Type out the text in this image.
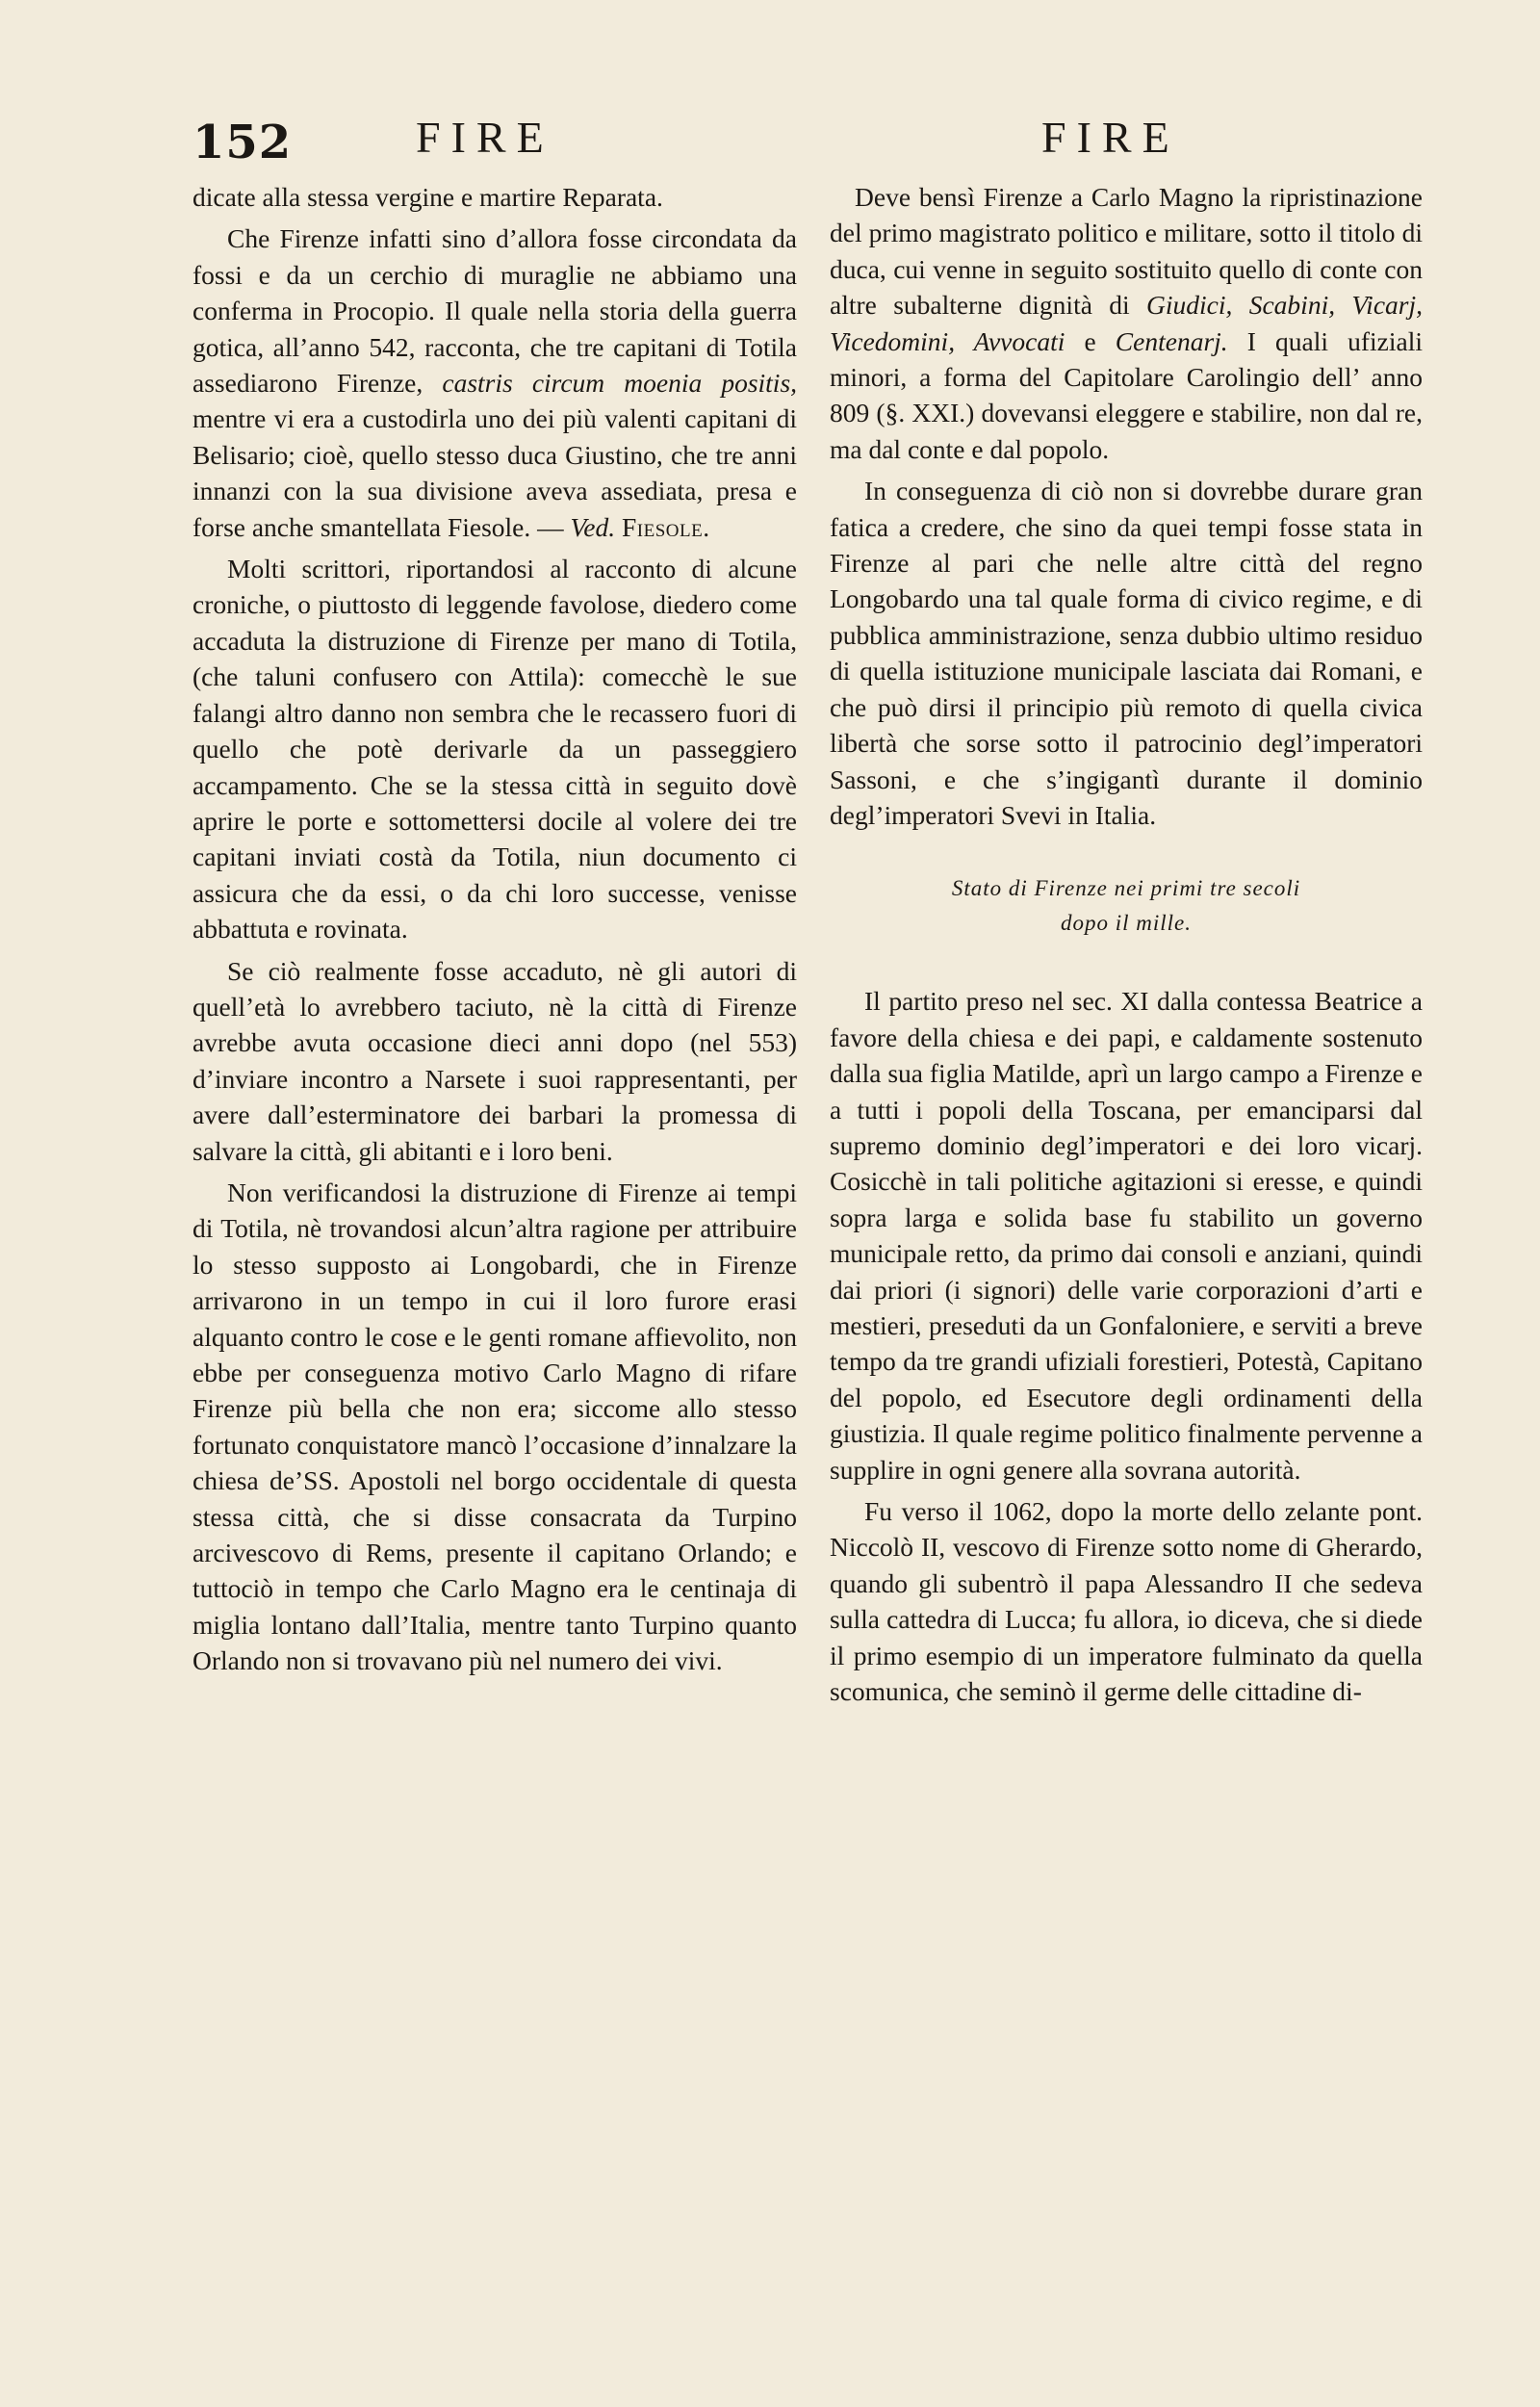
152	FIRE	FIRE

dicate alla stessa vergine e martire Reparata.

Che Firenze infatti sino d’allora fosse circondata da fossi e da un cerchio di muraglie ne abbiamo una conferma in Procopio. Il quale nella storia della guerra gotica, all’anno 542, racconta, che tre capitani di Totila assediarono Firenze, castris circum moenia positis, mentre vi era a custodirla uno dei più valenti capitani di Belisario; cioè, quello stesso duca Giustino, che tre anni innanzi con la sua divisione aveva assediata, presa e forse anche smantellata Fiesole. — Ved. Fiesole.

Molti scrittori, riportandosi al racconto di alcune croniche, o piuttosto di leggende favolose, diedero come accaduta la distruzione di Firenze per mano di Totila, (che taluni confusero con Attila): comecchè le sue falangi altro danno non sembra che le recassero fuori di quello che potè derivarle da un passeggiero accampamento. Che se la stessa città in seguito dovè aprire le porte e sottomettersi docile al volere dei tre capitani inviati costà da Totila, niun documento ci assicura che da essi, o da chi loro successe, venisse abbattuta e rovinata.

Se ciò realmente fosse accaduto, nè gli autori di quell’età lo avrebbero taciuto, nè la città di Firenze avrebbe avuta occasione dieci anni dopo (nel 553) d’inviare incontro a Narsete i suoi rappresentanti, per avere dall’esterminatore dei barbari la promessa di salvare la città, gli abitanti e i loro beni.

Non verificandosi la distruzione di Firenze ai tempi di Totila, nè trovandosi alcun’altra ragione per attribuire lo stesso supposto ai Longobardi, che in Firenze arrivarono in un tempo in cui il loro furore erasi alquanto contro le cose e le genti romane affievolito, non ebbe per conseguenza motivo Carlo Magno di rifare Firenze più bella che non era; siccome allo stesso fortunato conquistatore mancò l’occasione d’innalzare la chiesa de’SS. Apostoli nel borgo occidentale di questa stessa città, che si disse consacrata da Turpino arcivescovo di Rems, presente il capitano Orlando; e tuttociò in tempo che Carlo Magno era le centinaja di miglia lontano dall’Italia, mentre tanto Turpino quanto Orlando non si trovavano più nel numero dei vivi.

Deve bensì Firenze a Carlo Magno la ripristinazione del primo magistrato politico e militare, sotto il titolo di duca, cui venne in seguito sostituito quello di conte con altre subalterne dignità di Giudici, Scabini, Vicarj, Vicedomini, Avvocati e Centenarj. I quali ufiziali minori, a forma del Capitolare Carolingio dell’ anno 809 (§. XXI.) dovevansi eleggere e stabilire, non dal re, ma dal conte e dal popolo.

In conseguenza di ciò non si dovrebbe durare gran fatica a credere, che sino da quei tempi fosse stata in Firenze al pari che nelle altre città del regno Longobardo una tal quale forma di civico regime, e di pubblica amministrazione, senza dubbio ultimo residuo di quella istituzione municipale lasciata dai Romani, e che può dirsi il principio più remoto di quella civica libertà che sorse sotto il patrocinio degl’imperatori Sassoni, e che s’ingigantì durante il dominio degl’imperatori Svevi in Italia.

Stato di Firenze nei primi tre secoli
dopo il mille.

Il partito preso nel sec. XI dalla contessa Beatrice a favore della chiesa e dei papi, e caldamente sostenuto dalla sua figlia Matilde, aprì un largo campo a Firenze e a tutti i popoli della Toscana, per emanciparsi dal supremo dominio degl’imperatori e dei loro vicarj. Cosicchè in tali politiche agitazioni si eresse, e quindi sopra larga e solida base fu stabilito un governo municipale retto, da primo dai consoli e anziani, quindi dai priori (i signori) delle varie corporazioni d’arti e mestieri, preseduti da un Gonfaloniere, e serviti a breve tempo da tre grandi ufiziali forestieri, Potestà, Capitano del popolo, ed Esecutore degli ordinamenti della giustizia. Il quale regime politico finalmente pervenne a supplire in ogni genere alla sovrana autorità.

Fu verso il 1062, dopo la morte dello zelante pont. Niccolò II, vescovo di Firenze sotto nome di Gherardo, quando gli subentrò il papa Alessandro II che sedeva sulla cattedra di Lucca; fu allora, io diceva, che si diede il primo esempio di un imperatore fulminato da quella scomunica, che seminò il germe delle cittadine di-
